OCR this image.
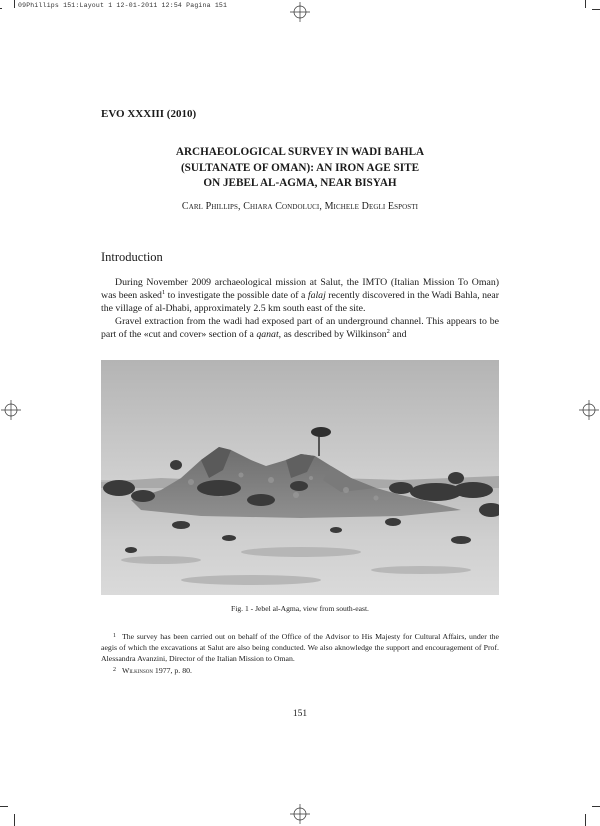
09Phillips 151:Layout 1 12-01-2011 12:54 Pagina 151

EVO XXXIII (2010)

ARCHAEOLOGICAL SURVEY IN WADI BAHLA
(SULTANATE OF OMAN): AN IRON AGE SITE
ON JEBEL AL-AGMA, NEAR BISYAH
Carl Phillips, Chiara Condoluci, Michele Degli Esposti
Introduction

During November 2009 archaeological mission at Salut, the IMTO (Italian Mission To Oman) was been asked$^1$ to investigate the possible date of a falaj recently discovered in the Wadi Bahla, near the village of al-Dhabi, approximately 2.5 km south east of the site.

Gravel extraction from the wadi had exposed part of an underground channel. This appears to be part of the «cut and cover» section of a qanat, as described by Wilkinson$^2$ and

Fig. 1 - Jebel al-Agma, view from south-east.

$^1$ The survey has been carried out on behalf of the Office of the Advisor to His Majesty for Cultural Affairs, under the aegis of which the excavations at Salut are also being conducted. We also aknowledge the support and encouragement of Prof. Alessandra Avanzini, Director of the Italian Mission to Oman.

$^2$ Wilkinson 1977, p. 80.

151
